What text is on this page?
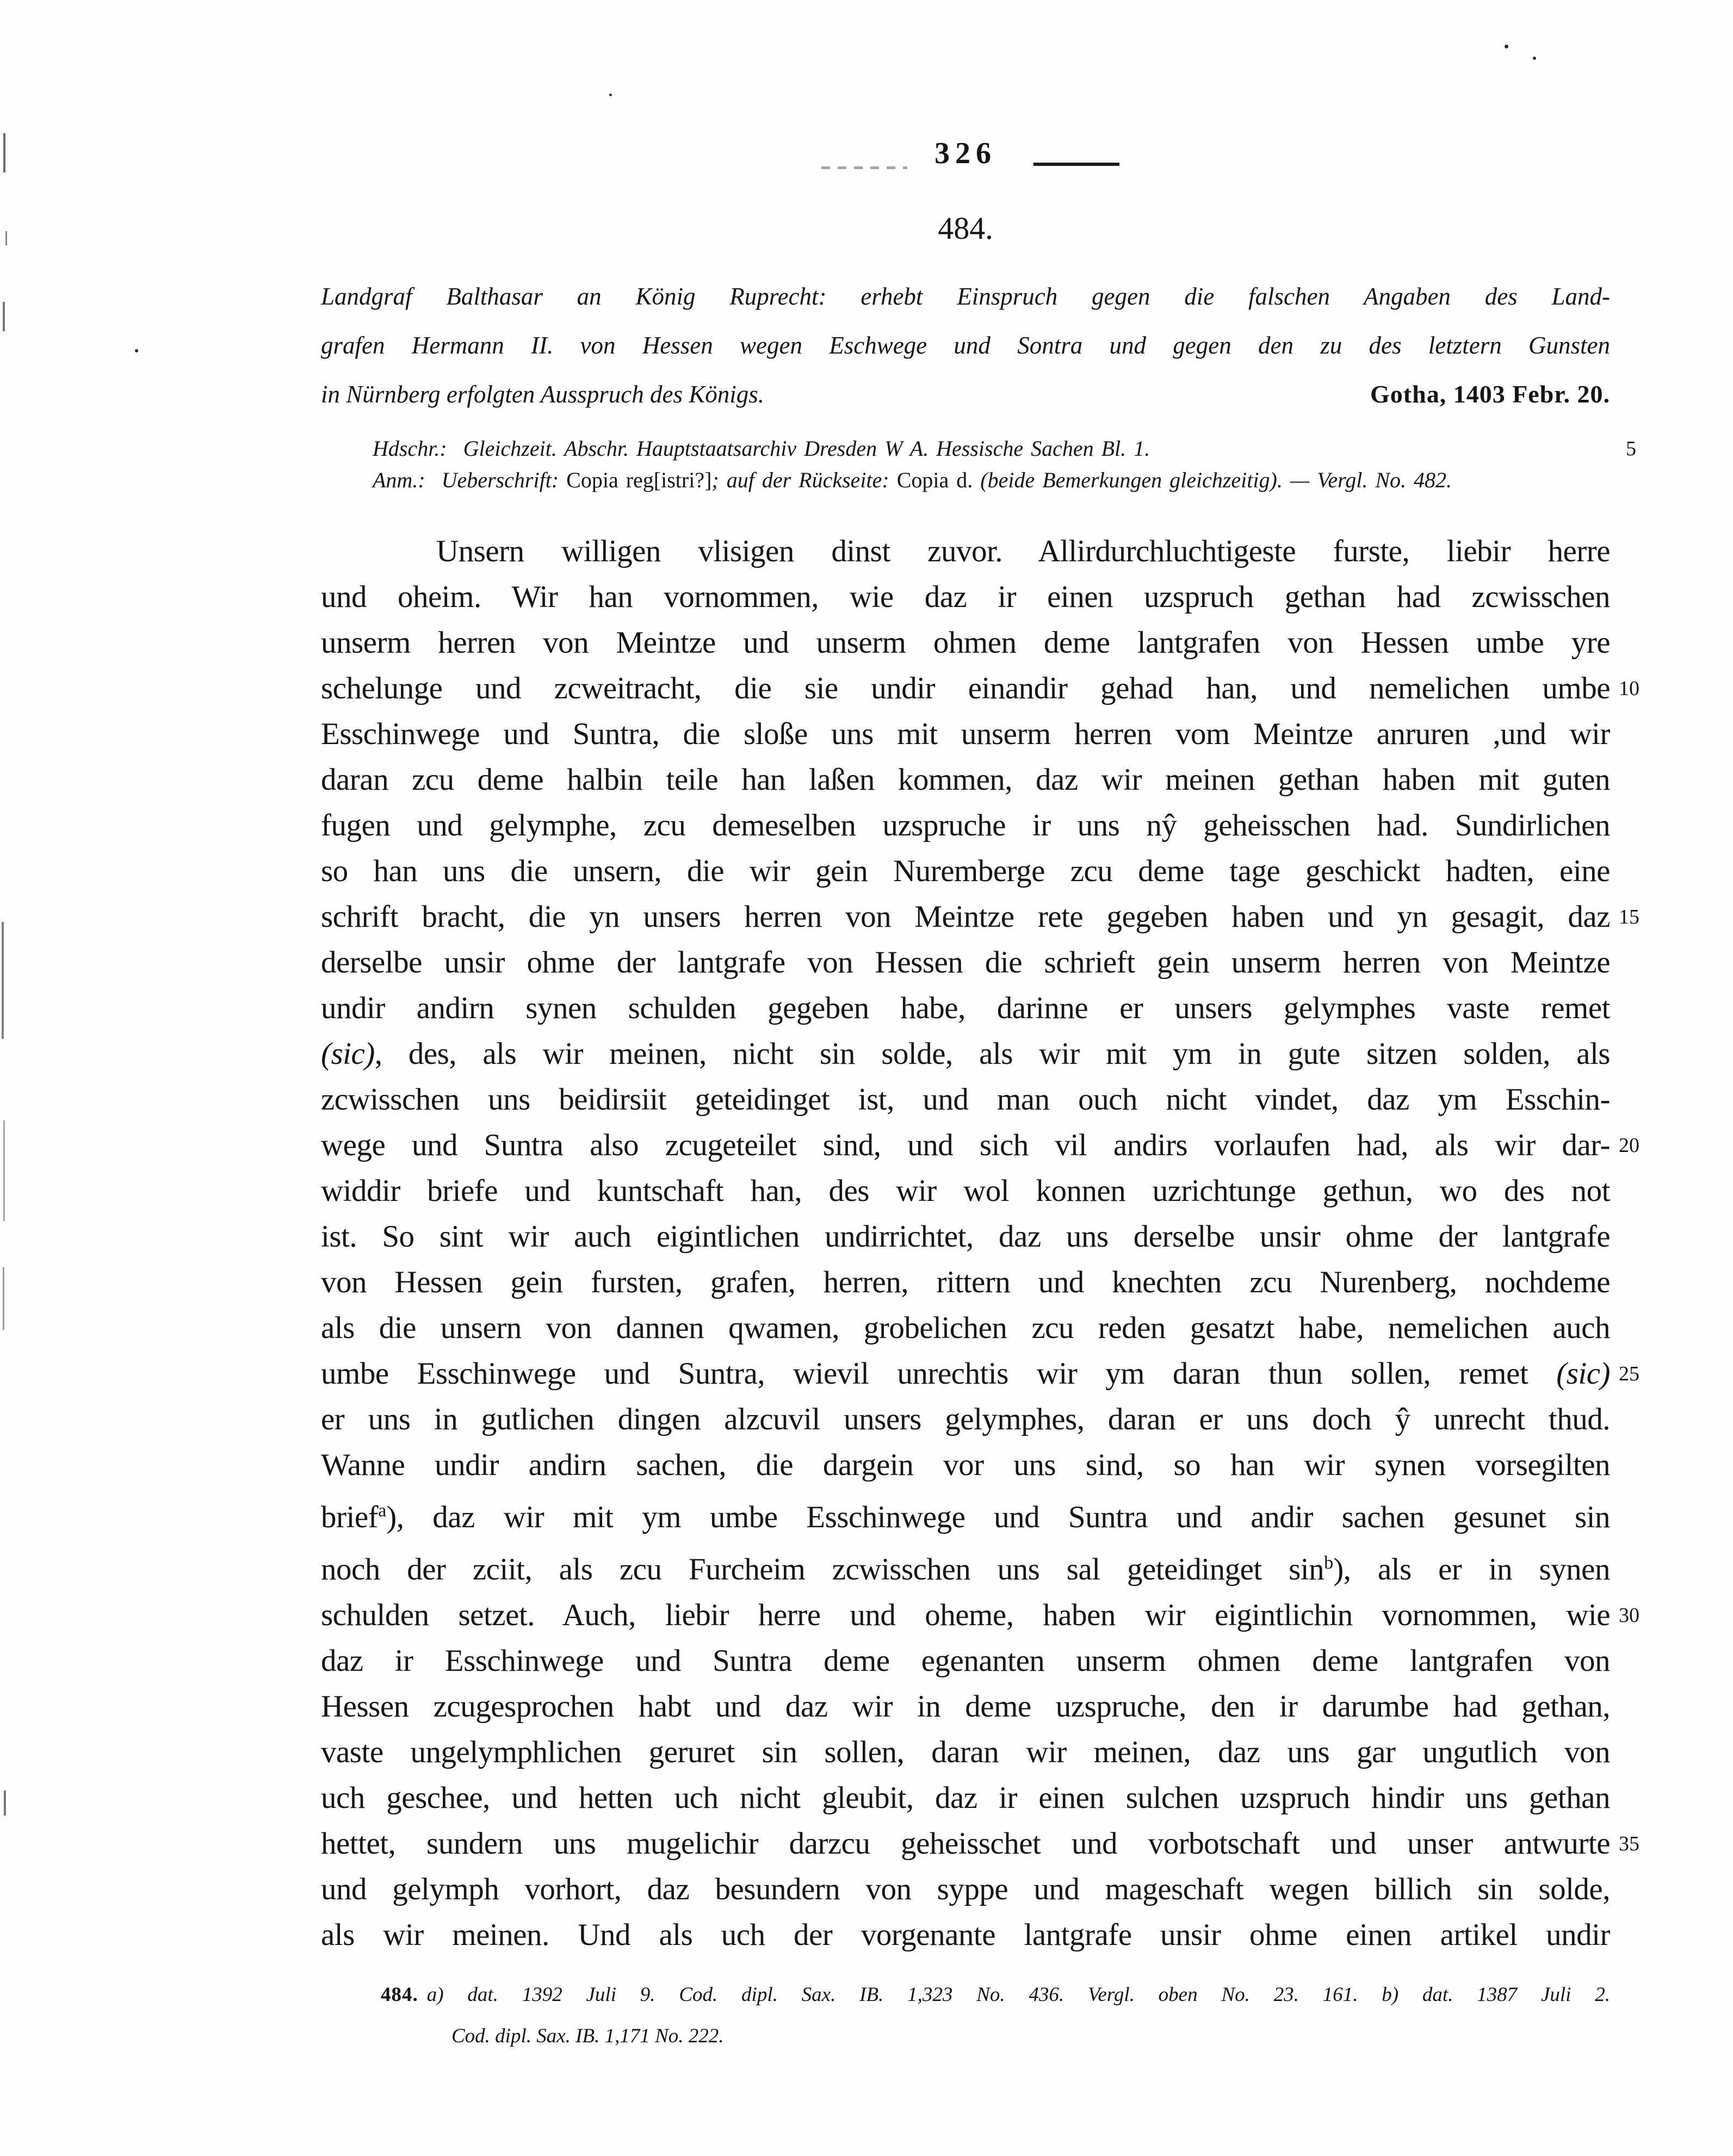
326
484.
Landgraf Balthasar an König Ruprecht: erhebt Einspruch gegen die falschen Angaben des Land-
grafen Hermann II. von Hessen wegen Eschwege und Sontra und gegen den zu des letztern Gunsten
in Nürnberg erfolgten Ausspruch des Königs.	Gotha, 1403 Febr. 20.
Hdschr.: Gleichzeit. Abschr. Hauptstaatsarchiv Dresden W A. Hessische Sachen Bl. 1.	5
Anm.: Ueberschrift: Copia reg[istri?]; auf der Rückseite: Copia d. (beide Bemerkungen gleichzeitig). — Vergl. No. 482.
Unsern willigen vlisigen dinst zuvor. Allirdurchluchtigeste furste, liebir herre
und oheim. Wir han vornommen, wie daz ir einen uzspruch gethan had zcwisschen
unserm herren von Meintze und unserm ohmen deme lantgrafen von Hessen umbe yre
schelunge und zcweitracht, die sie undir einandir gehad han, und nemelichen umbe 10
Esschinwege und Suntra, die sloße uns mit unserm herren vom Meintze anruren ,und wir
daran zcu deme halbin teile han laßen kommen, daz wir meinen gethan haben mit guten
fugen und gelymphe, zcu demeselben uzspruche ir uns nŷ geheisschen had. Sundirlichen
so han uns die unsern, die wir gein Nuremberge zcu deme tage geschickt hadten, eine
schrift bracht, die yn unsers herren von Meintze rete gegeben haben und yn gesagit, daz 15
derselbe unsir ohme der lantgrafe von Hessen die schrieft gein unserm herren von Meintze
undir andirn synen schulden gegeben habe, darinne er unsers gelymphes vaste remet
(sic), des, als wir meinen, nicht sin solde, als wir mit ym in gute sitzen solden, als
zcwisschen uns beidirsiit geteidinget ist, und man ouch nicht vindet, daz ym Esschin-
wege und Suntra also zcugeteilet sind, und sich vil andirs vorlaufen had, als wir dar- 20
widdir briefe und kuntschaft han, des wir wol konnen uzrichtunge gethun, wo des not
ist. So sint wir auch eigintlichen undirrichtet, daz uns derselbe unsir ohme der lantgrafe
von Hessen gein fursten, grafen, herren, rittern und knechten zcu Nurenberg, nochdeme
als die unsern von dannen qwamen, grobelichen zcu reden gesatzt habe, nemelichen auch
umbe Esschinwege und Suntra, wievil unrechtis wir ym daran thun sollen, remet (sic) 25
er uns in gutlichen dingen alzcuvil unsers gelymphes, daran er uns doch ŷ unrecht thud.
Wanne undir andirn sachen, die dargein vor uns sind, so han wir synen vorsegilten
brief$^a$), daz wir mit ym umbe Esschinwege und Suntra und andir sachen gesunet sin
noch der zciit, als zcu Furcheim zcwisschen uns sal geteidinget $\sin^b$), als er in synen
schulden setzet. Auch, liebir herre und oheme, haben wir eigintlichin vornommen, wie 30
daz ir Esschinwege und Suntra deme egenanten unserm ohmen deme lantgrafen von
Hessen zcugesprochen habt und daz wir in deme uzspruche, den ir darumbe had gethan,
vaste ungelymphlichen geruret sin sollen, daran wir meinen, daz uns gar ungutlich von
uch geschee, und hetten uch nicht gleubit, daz ir einen sulchen uzspruch hindir uns gethan
hettet, sundern uns mugelichir darzcu geheisschet und vorbotschaft und unser antwurte 35
und gelymph vorhort, daz besundern von syppe und mageschaft wegen billich sin solde,
als wir meinen. Und als uch der vorgenante lantgrafe unsir ohme einen artikel undir
484. a) dat. 1392 Juli 9. Cod. dipl. Sax. IB. 1,323 No. 436. Vergl. oben No. 23. 161. b) dat. 1387 Juli 2.
Cod. dipl. Sax. IB. 1,171 No. 222.
